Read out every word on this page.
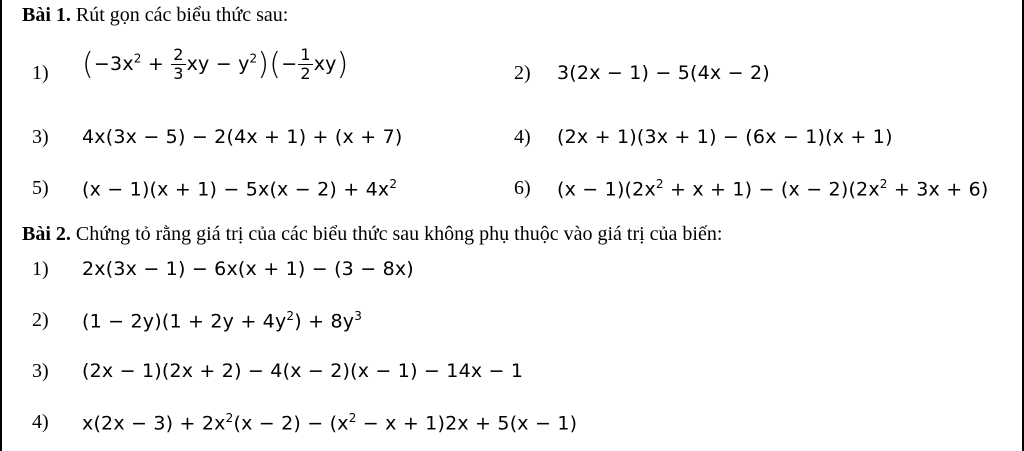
Bài 1. Rút gọn các biểu thức sau:
1) ($-3x^2 + \frac{2}{3}$ xy − $y^2)(- \frac{1}{2} xy)$	2) 3(2x − 1) − 5(4x − 2)
3) 4x(3x − 5) − 2(4x + 1) + (x + 7)	4) (2x + 1)(3x + 1) − (6x − 1)(x + 1)
5) $(x - 1)(x + 1) - 5x(x - 2) + 4x^2$	6) $(x - 1)(2x^2 + x + 1) - (x - 2)(2x^2 + 3x + 6)$
Bài 2. Chứng tỏ rằng giá trị của các biểu thức sau không phụ thuộc vào giá trị của biến:
1) 2x(3x − 1) − 6x(x + 1) − (3 − 8x)
2) $(1 - 2y)(1 + 2y + 4y^2) + 8y^3$
3) (2x − 1)(2x + 2) − 4(x − 2)(x − 1) − 14x − 1
4) $x(2x - 3) + 2x^2(x - 2) - (x^2 - x + 1)2x + 5(x - 1)$
